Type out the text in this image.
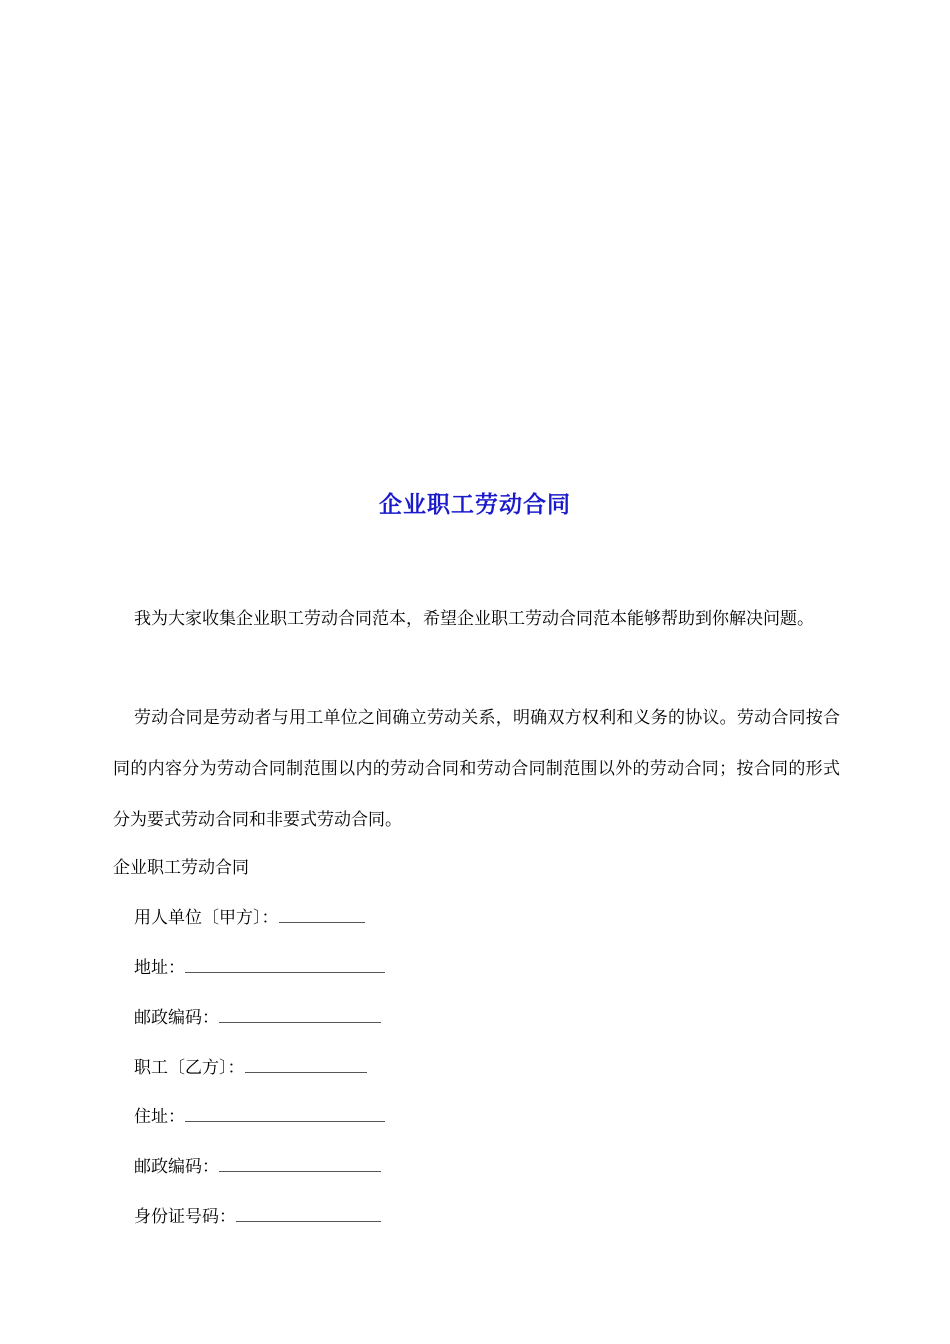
企业职工劳动合同

我为大家收集企业职工劳动合同范本，希望企业职工劳动合同范本能够帮助到你解决问题。

劳动合同是劳动者与用工单位之间确立劳动关系，明确双方权利和义务的协议。劳动合同按合同的内容分为劳动合同制范围以内的劳动合同和劳动合同制范围以外的劳动合同；按合同的形式分为要式劳动合同和非要式劳动合同。

企业职工劳动合同
用人单位〔甲方〕：
地址：
邮政编码：
职工〔乙方〕：
住址：
邮政编码：
身份证号码：
